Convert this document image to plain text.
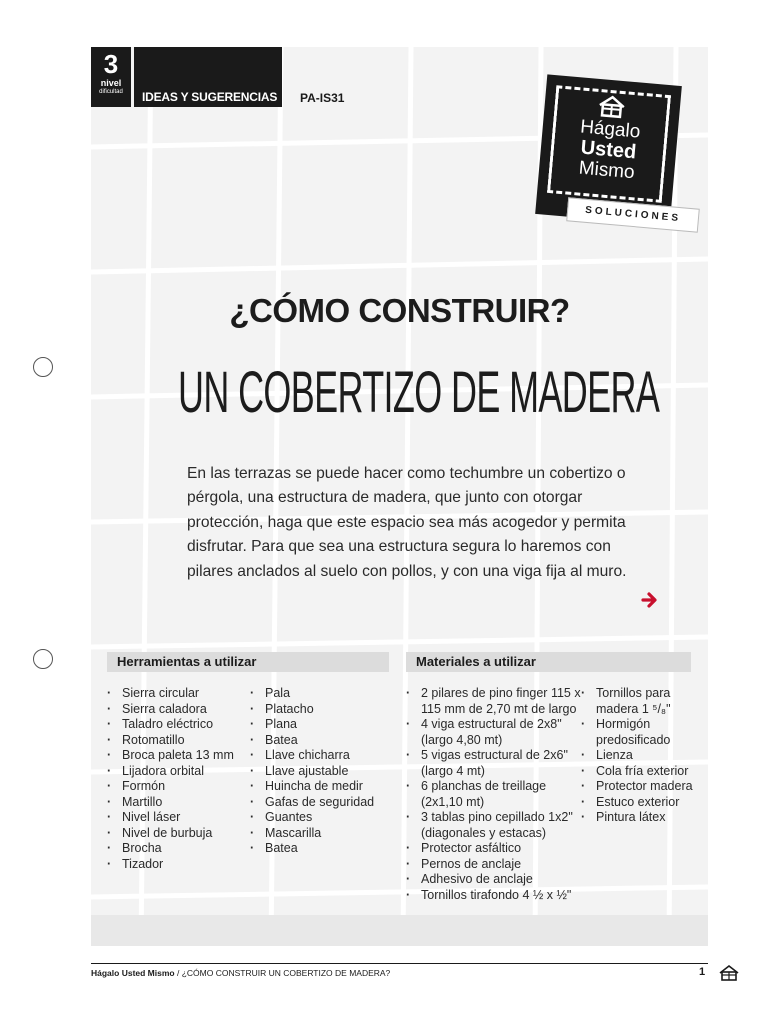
3
nivel
dificultad	IDEAS Y SUGERENCIAS PA-IS31
Hágalo
Usted
Mismo
SOLUCIONES
¿CÓMO CONSTRUIR?
UN COBERTIZO DE MADERA
En las terrazas se puede hacer como techumbre un cobertizo o pérgola, una estructura de madera, que junto con otorgar protección, haga que este espacio sea más acogedor y permita disfrutar. Para que sea una estructura segura lo haremos con pilares anclados al suelo con pollos, y con una viga fija al muro.
Herramientas a utilizar
· Sierra circular
· Sierra caladora
· Taladro eléctrico
· Rotomatillo
· Broca paleta 13 mm
· Lijadora orbital
· Formón
· Martillo
· Nivel láser
· Nivel de burbuja
· Brocha
· Tizador
· Pala
· Platacho
· Plana
· Batea
· Llave chicharra
· Llave ajustable
· Huincha de medir
· Gafas de seguridad
· Guantes
· Mascarilla
· Batea
Materiales a utilizar
· 2 pilares de pino finger 115 x
115 mm de 2,70 mt de largo
· 4 viga estructural de 2x8"
(largo 4,80 mt)
· 5 vigas estructural de 2x6"
(largo 4 mt)
· 6 planchas de treillage
(2x1,10 mt)
· 3 tablas pino cepillado 1x2"
(diagonales y estacas)
· Protector asfáltico
· Pernos de anclaje
· Adhesivo de anclaje
· Tornillos tirafondo 4 ½ x ½"
· Tornillos para
madera 1 ⁵/₈"
· Hormigón
predosificado
· Lienza
· Cola fría exterior
· Protector madera
· Estuco exterior
· Pintura látex
Hágalo Usted Mismo / ¿CÓMO CONSTRUIR UN COBERTIZO DE MADERA?	1
